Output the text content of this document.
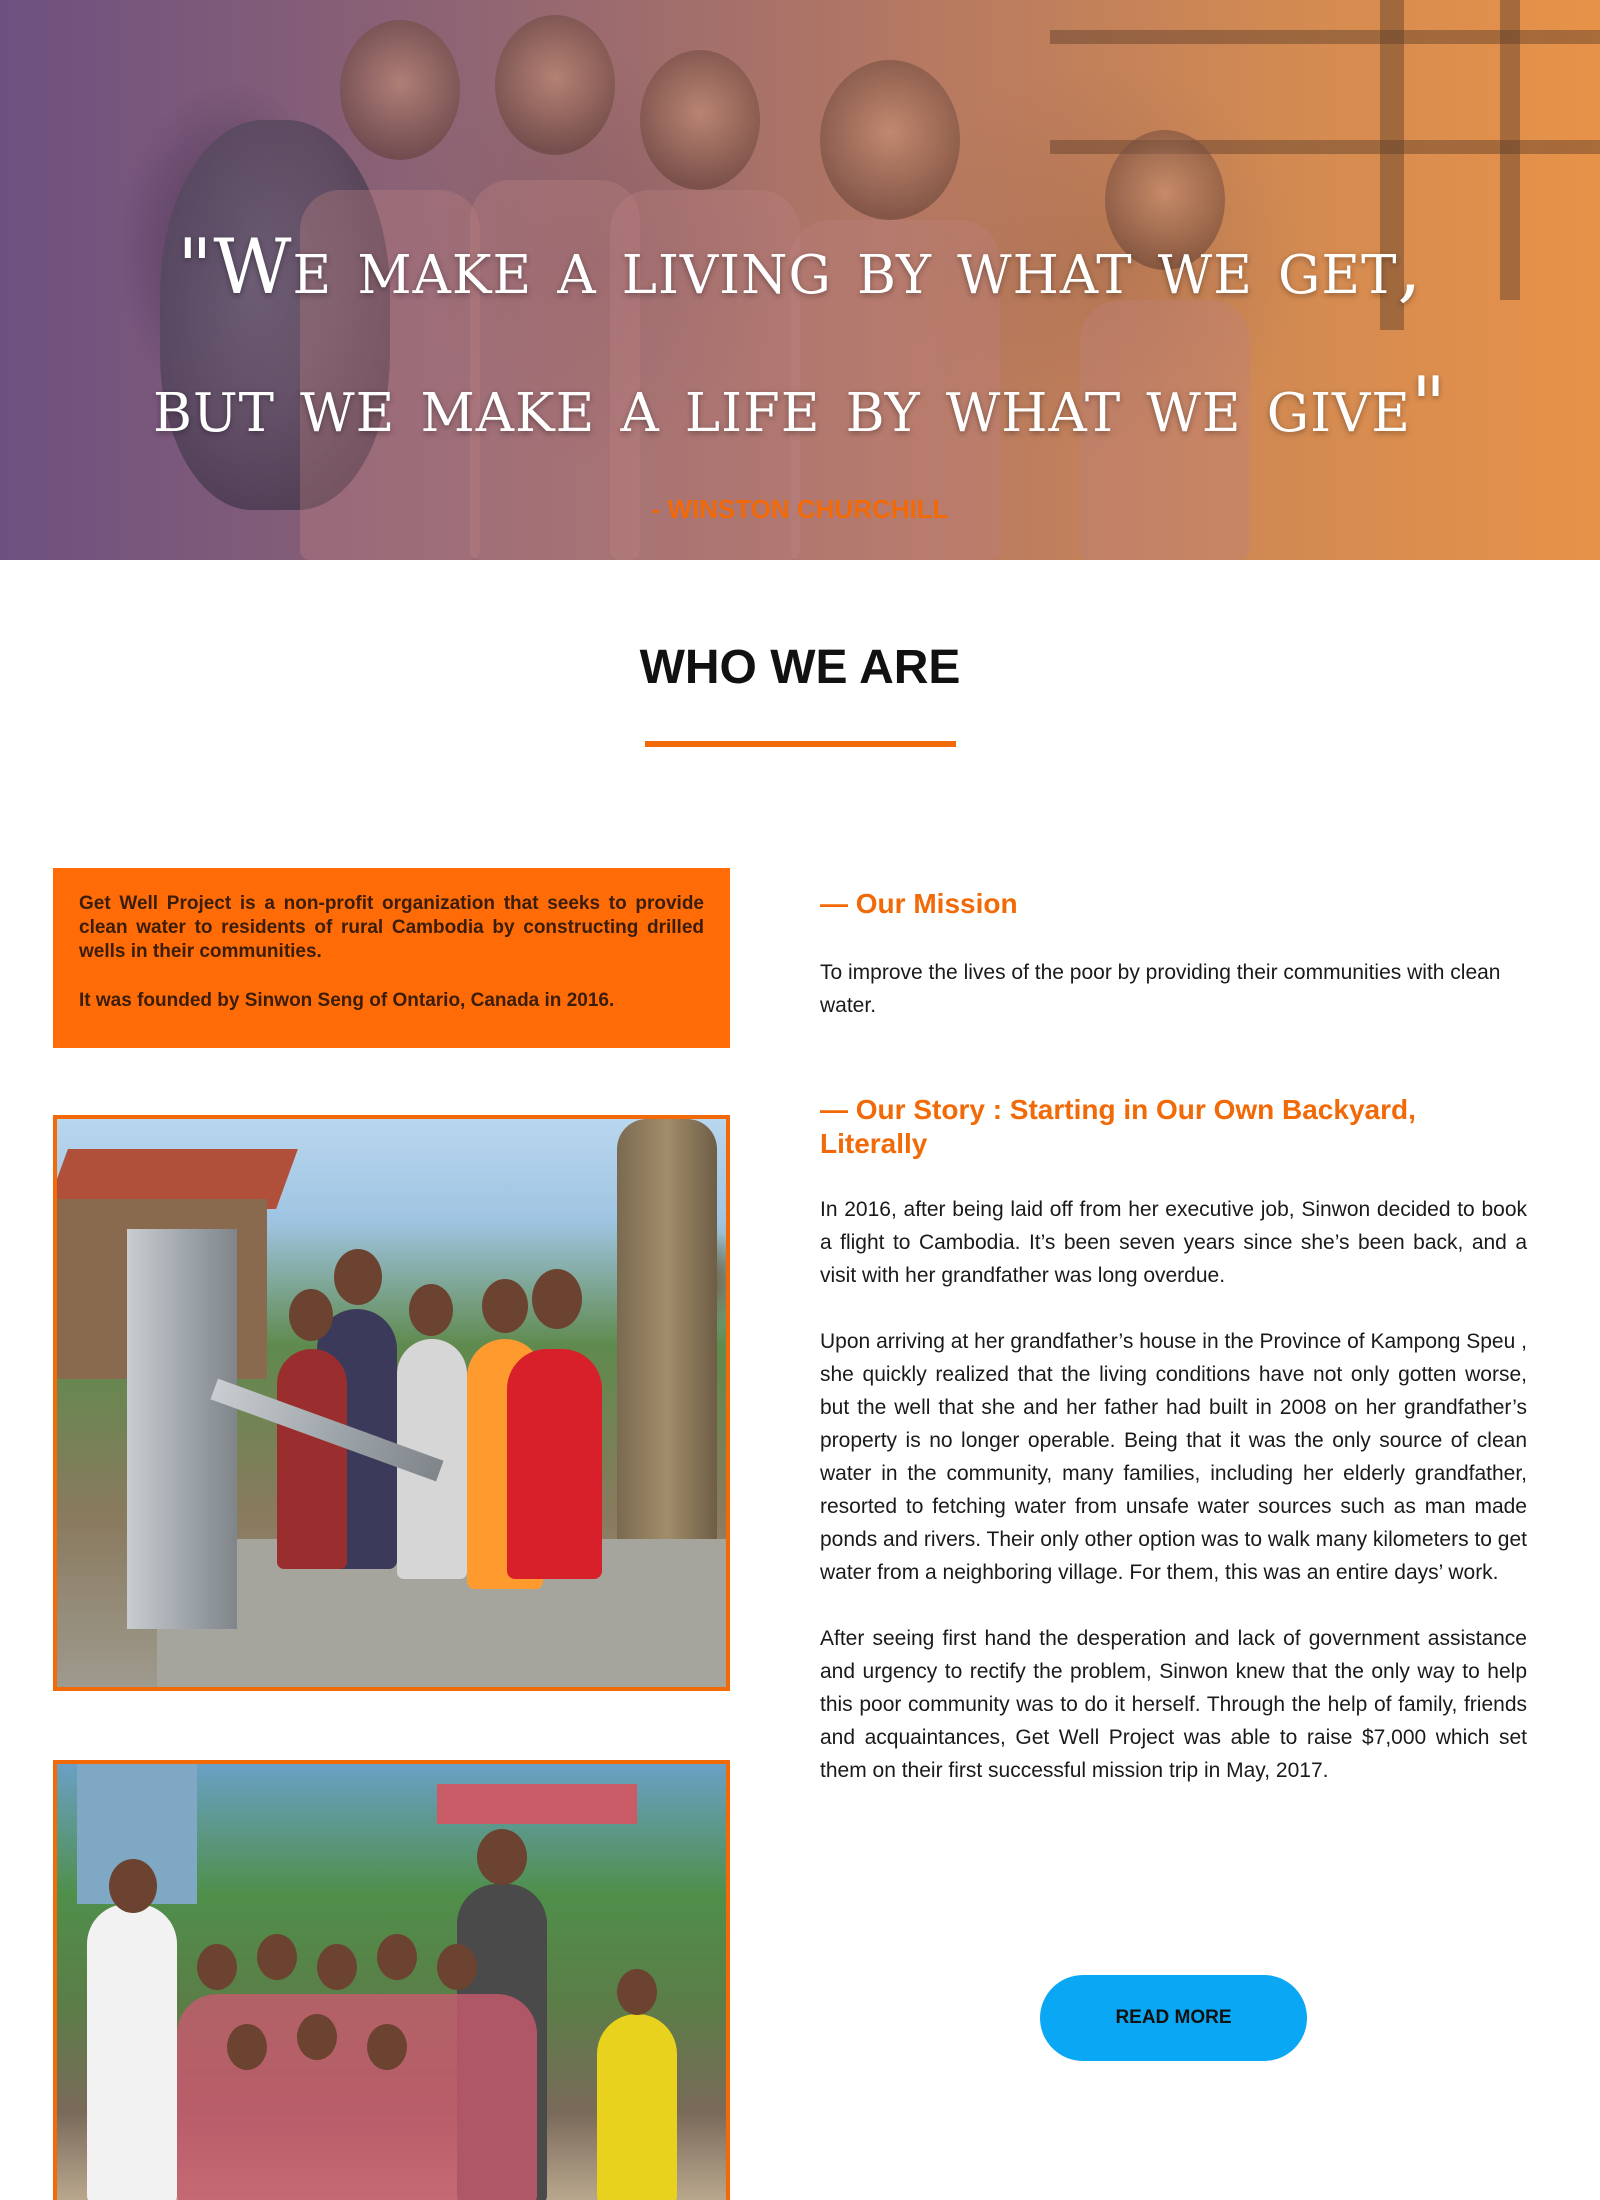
"We make a living by what we get,
but we make a life by what we give"
- WINSTON CHURCHILL
WHO WE ARE

Get Well Project is a non-profit organization that seeks to provide clean water to residents of rural Cambodia by constructing drilled wells in their communities.

It was founded by Sinwon Seng of Ontario, Canada in 2016.

— Our Mission

To improve the lives of the poor by providing their communities with clean water.

— Our Story : Starting in Our Own Backyard, Literally

In 2016, after being laid off from her executive job, Sinwon decided to book a flight to Cambodia. It’s been seven years since she’s been back, and a visit with her grandfather was long overdue.

Upon arriving at her grandfather’s house in the Province of Kampong Speu , she quickly realized that the living conditions have not only gotten worse, but the well that she and her father had built in 2008 on her grandfather’s property is no longer operable. Being that it was the only source of clean water in the community, many families, including her elderly grandfather, resorted to fetching water from unsafe water sources such as man made ponds and rivers. Their only other option was to walk many kilometers to get water from a neighboring village. For them, this was an entire days’ work.

After seeing first hand the desperation and lack of government assistance and urgency to rectify the problem, Sinwon knew that the only way to help this poor community was to do it herself. Through the help of family, friends and acquaintances, Get Well Project was able to raise $7,000 which set them on their first successful mission trip in May, 2017.

READ MORE
